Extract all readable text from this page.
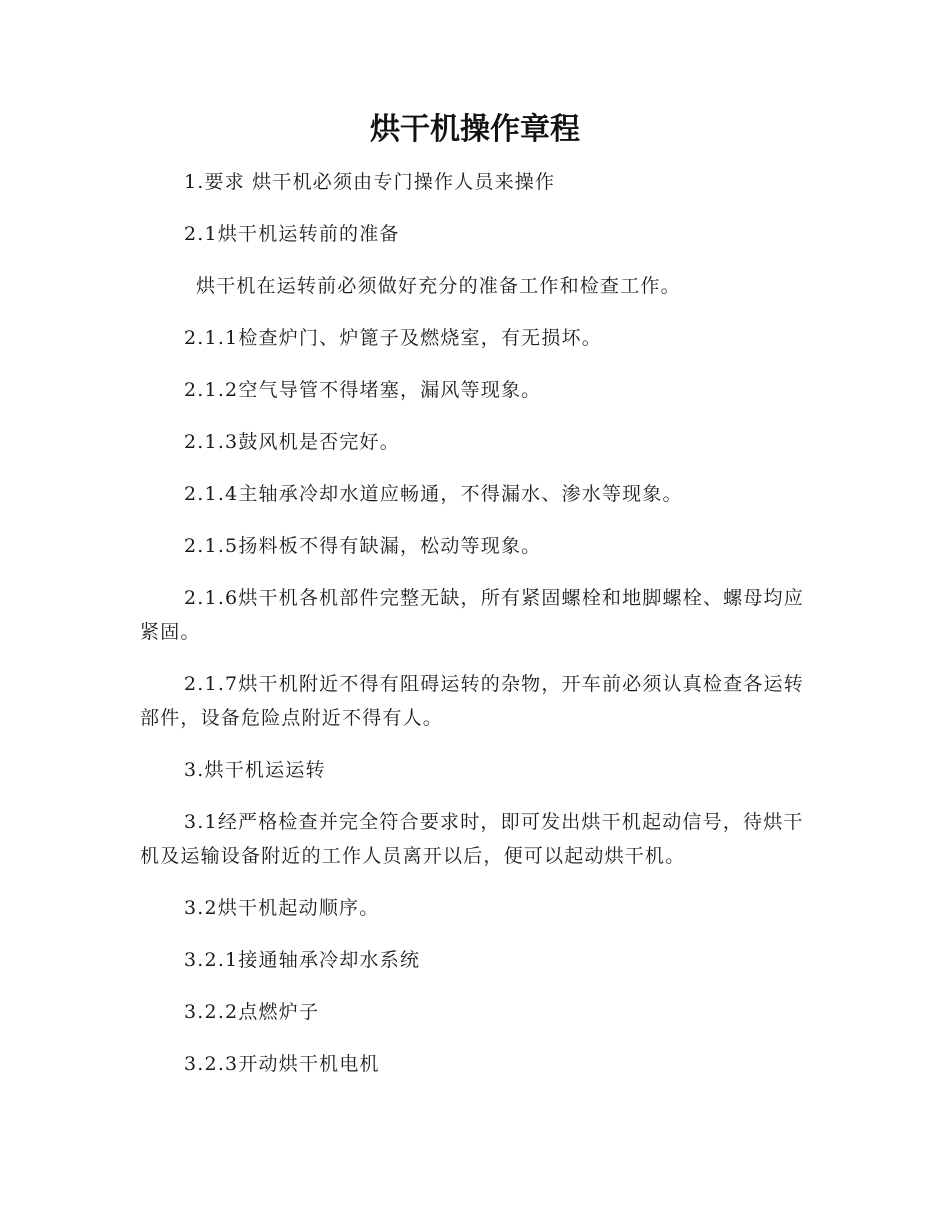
烘干机操作章程

1.要求 烘干机必须由专门操作人员来操作

2.1烘干机运转前的准备

烘干机在运转前必须做好充分的准备工作和检查工作。

2.1.1检查炉门、炉篦子及燃烧室，有无损坏。

2.1.2空气导管不得堵塞，漏风等现象。

2.1.3鼓风机是否完好。

2.1.4主轴承冷却水道应畅通，不得漏水、渗水等现象。

2.1.5扬料板不得有缺漏，松动等现象。

2.1.6烘干机各机部件完整无缺，所有紧固螺栓和地脚螺栓、螺母均应紧固。

2.1.7烘干机附近不得有阻碍运转的杂物，开车前必须认真检查各运转部件，设备危险点附近不得有人。

3.烘干机运运转

3.1经严格检查并完全符合要求时，即可发出烘干机起动信号，待烘干机及运输设备附近的工作人员离开以后，便可以起动烘干机。

3.2烘干机起动顺序。

3.2.1接通轴承冷却水系统

3.2.2点燃炉子

3.2.3开动烘干机电机
